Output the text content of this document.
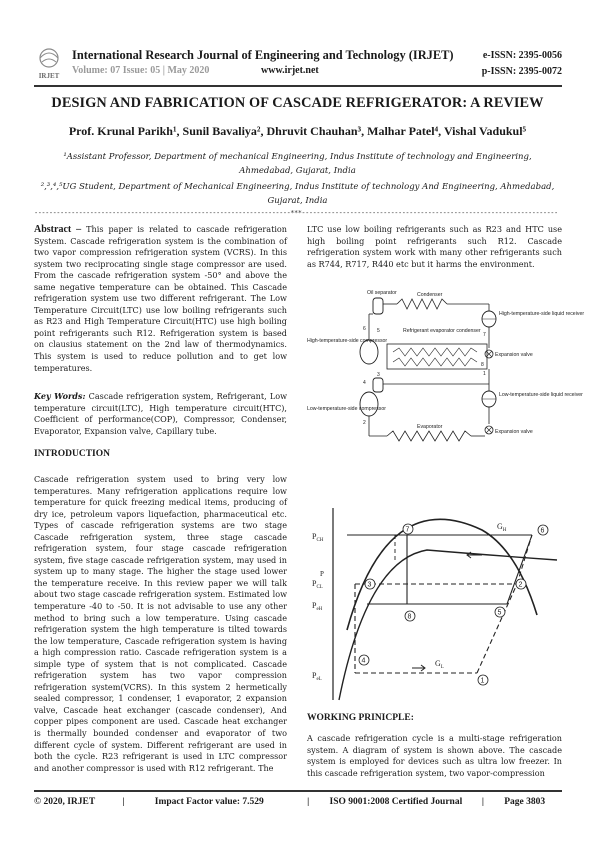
IRJET
International Research Journal of Engineering and Technology (IRJET)
Volume: 07 Issue: 05 | May 2020	www.irjet.net
e-ISSN: 2395-0056
p-ISSN: 2395-0072
DESIGN AND FABRICATION OF CASCADE REFRIGERATOR: A REVIEW
Prof. Krunal Parikh¹, Sunil Bavaliya², Dhruvit Chauhan³, Malhar Patel⁴, Vishal Vadukul⁵
¹Assistant Professor, Department of mechanical Engineering, Indus Institute of technology and Engineering, Ahmedabad, Gujarat, India
²,³,⁴,⁵UG Student, Department of Mechanical Engineering, Indus Institute of technology And Engineering, Ahmedabad, Gujarat, India
---------------------------------------------------------------------***---------------------------------------------------------------------
Abstract – This paper is related to cascade refrigeration System. Cascade refrigeration system is the combination of two vapor compression refrigeration system (VCRS). In this system two reciprocating single stage compressor are used. From the cascade refrigeration system -50° and above the same negative temperature can be obtained. This Cascade refrigeration system use two different refrigerant. The Low Temperature Circuit(LTC) use low boiling refrigerants such as R23 and High Temperature Circuit(HTC) use high boiling point refrigerants such R12. Refrigeration system is based on clausius statement on the 2nd law of thermodynamics. This system is used to reduce pollution and to get low temperatures.
Key Words: Cascade refrigeration system, Refrigerant, Low temperature circuit(LTC), High temperature circuit(HTC), Coefficient of performance(COP), Compressor, Condenser, Evaporator, Expansion valve, Capillary tube.
INTRODUCTION
Cascade refrigeration system used to bring very low temperatures. Many refrigeration applications require low temperature for quick freezing medical items, producing of dry ice, petroleum vapors liquefaction, pharmaceutical etc. Types of cascade refrigeration systems are two stage Cascade refrigeration system, three stage cascade refrigeration system, four stage cascade refrigeration system, five stage cascade refrigeration system, may used in system up to many stage. The higher the stage used lower the temperature receive. In this review paper we will talk about two stage cascade refrigeration system. Estimated low temperature -40 to -50. It is not advisable to use any other method to bring such a low temperature. Using cascade refrigeration system the high temperature is tilted towards the low temperature, Cascade refrigeration system is having a high compression ratio. Cascade refrigeration system is a simple type of system that is not complicated. Cascade refrigeration system has two vapor compression refrigeration system(VCRS). In this system 2 hermetically sealed compressor, 1 condenser, 1 evaporator, 2 expansion valve, Cascade heat exchanger (cascade condenser), And copper pipes component are used. Cascade heat exchanger is thermally bounded condenser and evaporator of two different cycle of system. Different refrigerant are used in both the cycle. R23 refrigerant is used in LTC compressor and another compressor is used with R12 refrigerant. The
LTC use low boiling refrigerants such as R23 and HTC use high boiling point refrigerants such R12. Cascade refrigeration system work with many other refrigerants such as R744, R717, R440 etc but it harms the environment.
Oil separator	Condenser
High-temperature-side liquid receiver
High-temperature-side compressor
6 5
7
Refrigerant evaporator condenser
Expansion valve
8
1
Low-temperature-side liquid receiver
Low-temperature-side compressor
4
3
2
Evaporator
Expansion valve
P
$P_{CH}$
$P_{CL}$
$P_{eH}$
$P_{eL}$
$G_H$
$G_L$
7	6
3	2
5
8
4
1
WORKING PRINICPLE:
A cascade refrigeration cycle is a multi-stage refrigeration system. A diagram of system is shown above. The cascade system is employed for devices such as ultra low freezer. In this cascade refrigeration system, two vapor-compression
© 2020, IRJET	|	Impact Factor value: 7.529	| ISO 9001:2008 Certified Journal | Page 3803
